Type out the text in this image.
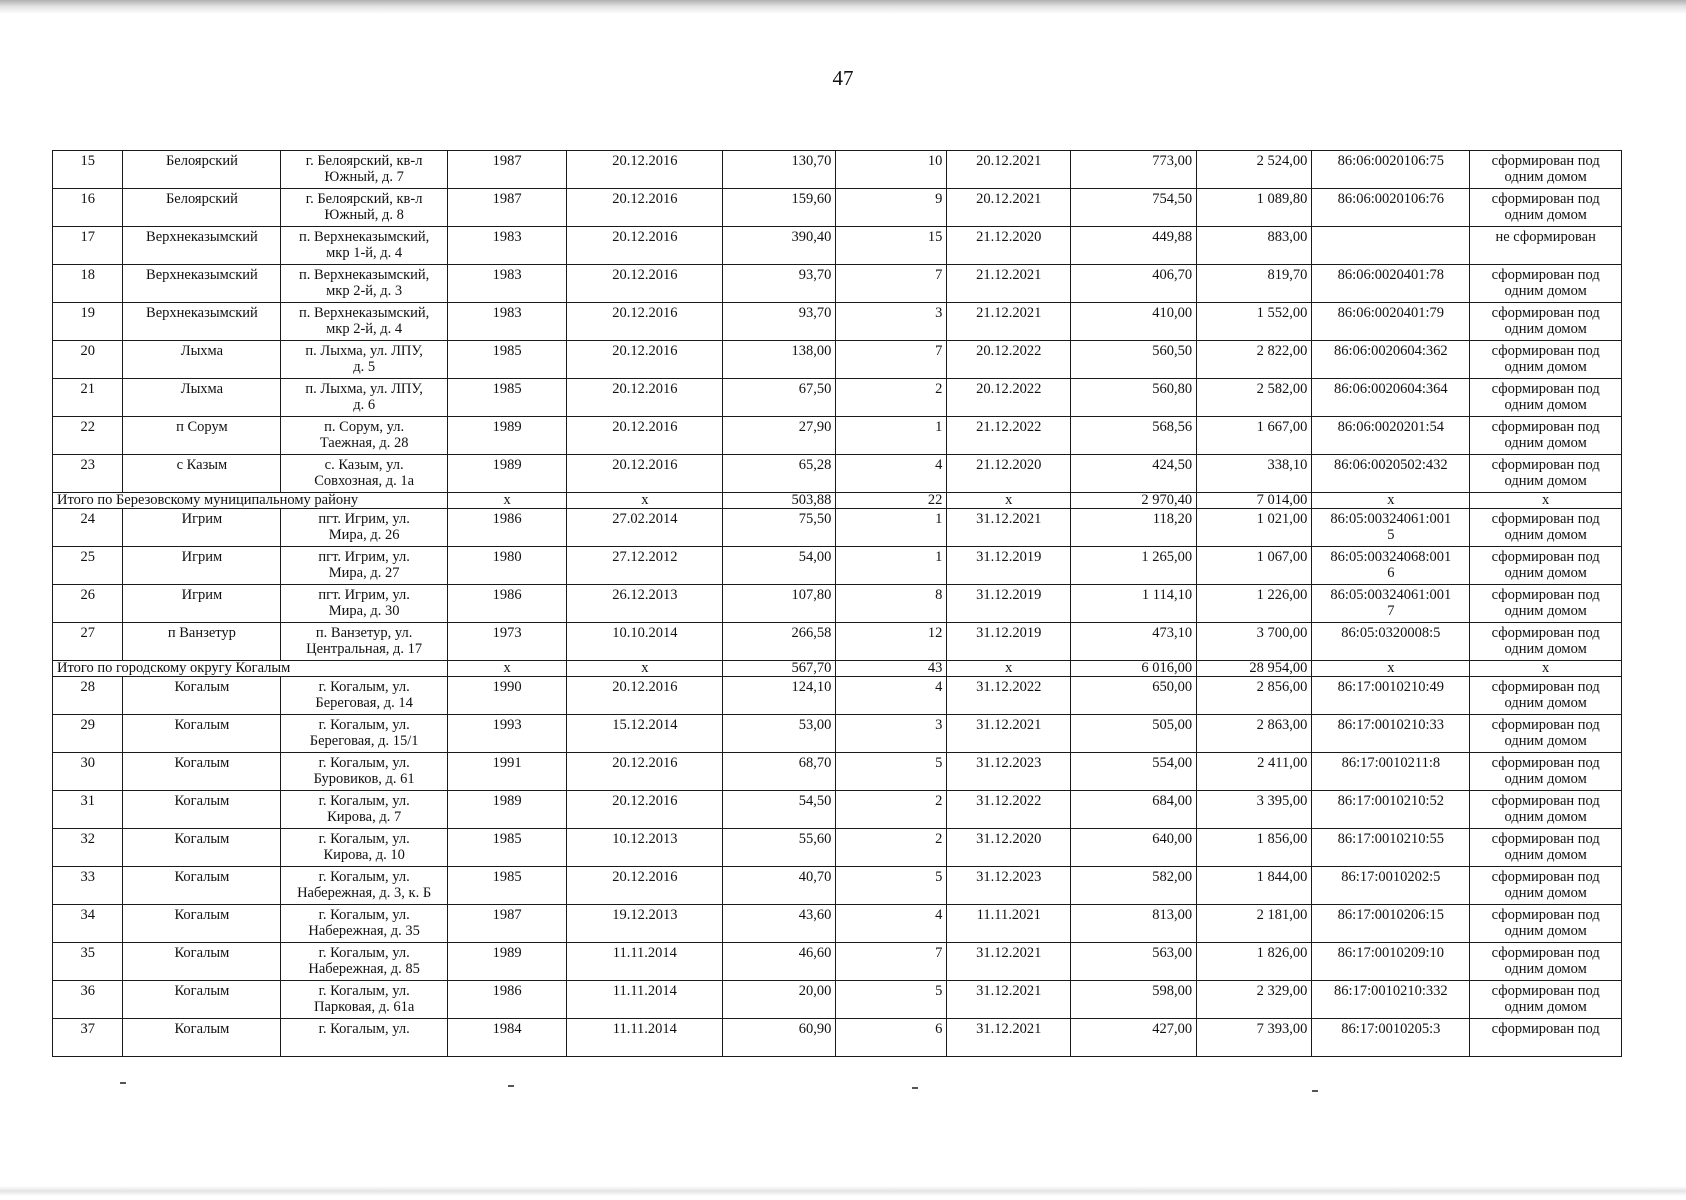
47
15	Белоярский	г. Белоярский, кв-л
Южный, д. 7	1987	20.12.2016	130,70	10	20.12.2021	773,00	2 524,00	86:06:0020106:75	сформирован под
одним домом

16	Белоярский	г. Белоярский, кв-л
Южный, д. 8	1987	20.12.2016	159,60	9	20.12.2021	754,50	1 089,80	86:06:0020106:76	сформирован под
одним домом

17	Верхнеказымский	п. Верхнеказымский,
мкр 1-й, д. 4	1983	20.12.2016	390,40	15	21.12.2020	449,88	883,00		не сформирован

18	Верхнеказымский	п. Верхнеказымский,
мкр 2-й, д. 3	1983	20.12.2016	93,70	7	21.12.2021	406,70	819,70	86:06:0020401:78	сформирован под
одним домом

19	Верхнеказымский	п. Верхнеказымский,
мкр 2-й, д. 4	1983	20.12.2016	93,70	3	21.12.2021	410,00	1 552,00	86:06:0020401:79	сформирован под
одним домом

20	Лыхма	п. Лыхма, ул. ЛПУ,
д. 5	1985	20.12.2016	138,00	7	20.12.2022	560,50	2 822,00	86:06:0020604:362	сформирован под
одним домом

21	Лыхма	п. Лыхма, ул. ЛПУ,
д. 6	1985	20.12.2016	67,50	2	20.12.2022	560,80	2 582,00	86:06:0020604:364	сформирован под
одним домом

22	п Сорум	п. Сорум, ул.
Таежная, д. 28	1989	20.12.2016	27,90	1	21.12.2022	568,56	1 667,00	86:06:0020201:54	сформирован под
одним домом

23	с Казым	с. Казым, ул.
Совхозная, д. 1а	1989	20.12.2016	65,28	4	21.12.2020	424,50	338,10	86:06:0020502:432	сформирован под
одним домом

Итого по Березовскому муниципальному району			х	х	503,88	22	х	2 970,40	7 014,00	х	х
24	Игрим	пгт. Игрим, ул.
Мира, д. 26	1986	27.02.2014	75,50	1	31.12.2021	118,20	1 021,00	86:05:00324061:001
5	сформирован под
одним домом

25	Игрим	пгт. Игрим, ул.
Мира, д. 27	1980	27.12.2012	54,00	1	31.12.2019	1 265,00	1 067,00	86:05:00324068:001
6	сформирован под
одним домом

26	Игрим	пгт. Игрим, ул.
Мира, д. 30	1986	26.12.2013	107,80	8	31.12.2019	1 114,10	1 226,00	86:05:00324061:001
7	сформирован под
одним домом

27	п Ванзетур	п. Ванзетур, ул.
Центральная, д. 17	1973	10.10.2014	266,58	12	31.12.2019	473,10	3 700,00	86:05:0320008:5	сформирован под
одним домом

Итого по городскому округу Когалым			х	х	567,70	43	х	6 016,00	28 954,00	х	х
28	Когалым	г. Когалым, ул.
Береговая, д. 14	1990	20.12.2016	124,10	4	31.12.2022	650,00	2 856,00	86:17:0010210:49	сформирован под
одним домом

29	Когалым	г. Когалым, ул.
Береговая, д. 15/1	1993	15.12.2014	53,00	3	31.12.2021	505,00	2 863,00	86:17:0010210:33	сформирован под
одним домом

30	Когалым	г. Когалым, ул.
Буровиков, д. 61	1991	20.12.2016	68,70	5	31.12.2023	554,00	2 411,00	86:17:0010211:8	сформирован под
одним домом

31	Когалым	г. Когалым, ул.
Кирова, д. 7	1989	20.12.2016	54,50	2	31.12.2022	684,00	3 395,00	86:17:0010210:52	сформирован под
одним домом

32	Когалым	г. Когалым, ул.
Кирова, д. 10	1985	10.12.2013	55,60	2	31.12.2020	640,00	1 856,00	86:17:0010210:55	сформирован под
одним домом

33	Когалым	г. Когалым, ул.
Набережная, д. 3, к. Б	1985	20.12.2016	40,70	5	31.12.2023	582,00	1 844,00	86:17:0010202:5	сформирован под
одним домом

34	Когалым	г. Когалым, ул.
Набережная, д. 35	1987	19.12.2013	43,60	4	11.11.2021	813,00	2 181,00	86:17:0010206:15	сформирован под
одним домом

35	Когалым	г. Когалым, ул.
Набережная, д. 85	1989	11.11.2014	46,60	7	31.12.2021	563,00	1 826,00	86:17:0010209:10	сформирован под
одним домом

36	Когалым	г. Когалым, ул.
Парковая, д. 61а	1986	11.11.2014	20,00	5	31.12.2021	598,00	2 329,00	86:17:0010210:332	сформирован под
одним домом

37	Когалым	г. Когалым, ул.	1984	11.11.2014	60,90	6	31.12.2021	427,00	7 393,00	86:17:0010205:3	сформирован под
